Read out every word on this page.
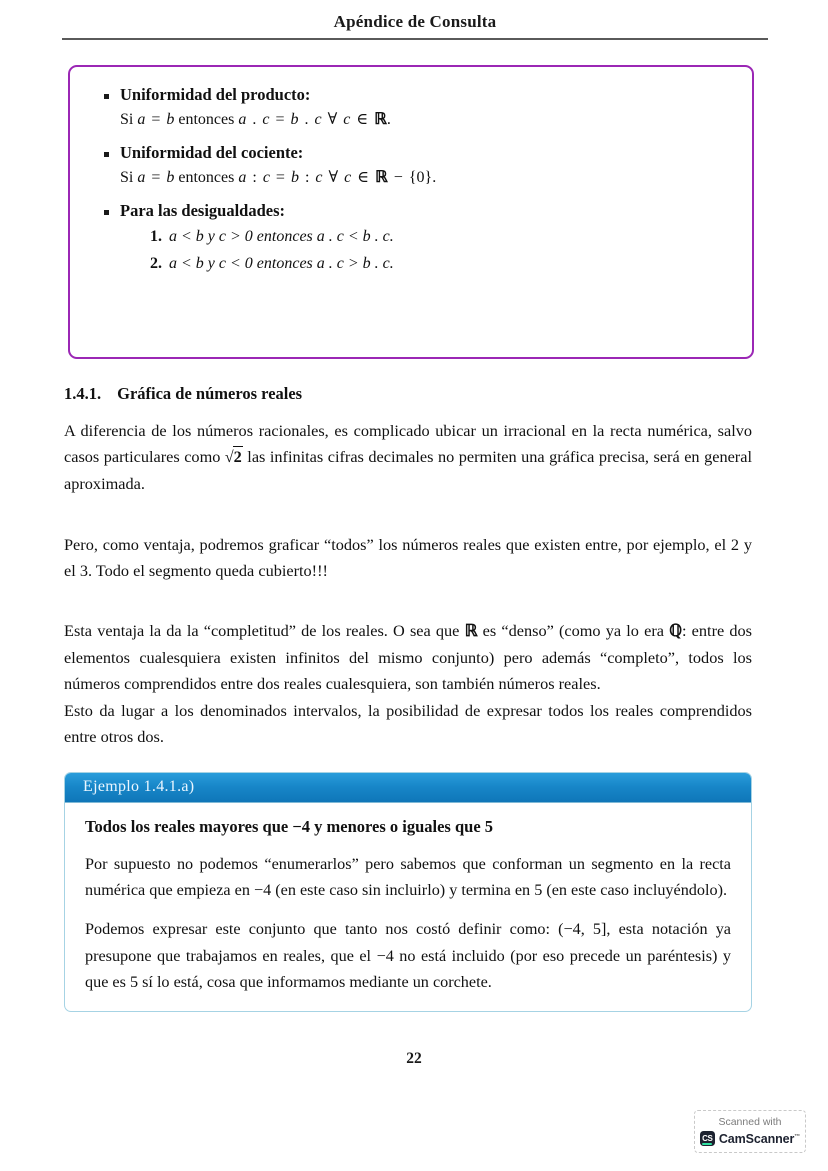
Apéndice de Consulta
Uniformidad del producto:
Si a = b entonces a . c = b . c ∀ c ∈ ℝ.
Uniformidad del cociente:
Si a = b entonces a : c = b : c ∀ c ∈ ℝ − {0}.
Para las desigualdades:
1. a < b y c > 0 entonces a . c < b . c.
2. a < b y c < 0 entonces a . c > b . c.
1.4.1. Gráfica de números reales

A diferencia de los números racionales, es complicado ubicar un irracional en la recta numérica, salvo casos particulares como √2 las infinitas cifras decimales no permiten una gráfica precisa, será en general aproximada.

Pero, como ventaja, podremos graficar “todos” los números reales que existen entre, por ejemplo, el 2 y el 3. Todo el segmento queda cubierto!!!

Esta ventaja la da la “completitud” de los reales. O sea que ℝ es “denso” (como ya lo era ℚ: entre dos elementos cualesquiera existen infinitos del mismo conjunto) pero además “completo”, todos los números comprendidos entre dos reales cualesquiera, son también números reales.

Esto da lugar a los denominados intervalos, la posibilidad de expresar todos los reales comprendidos entre otros dos.

Ejemplo 1.4.1.a)

Todos los reales mayores que −4 y menores o iguales que 5

Por supuesto no podemos “enumerarlos” pero sabemos que conforman un segmento en la recta numérica que empieza en −4 (en este caso sin incluirlo) y termina en 5 (en este caso incluyéndolo).

Podemos expresar este conjunto que tanto nos costó definir como: (−4, 5], esta notación ya presupone que trabajamos en reales, que el −4 no está incluido (por eso precede un paréntesis) y que es 5 sí lo está, cosa que informamos mediante un corchete.

22
Scanned with
CS CamScanner™
